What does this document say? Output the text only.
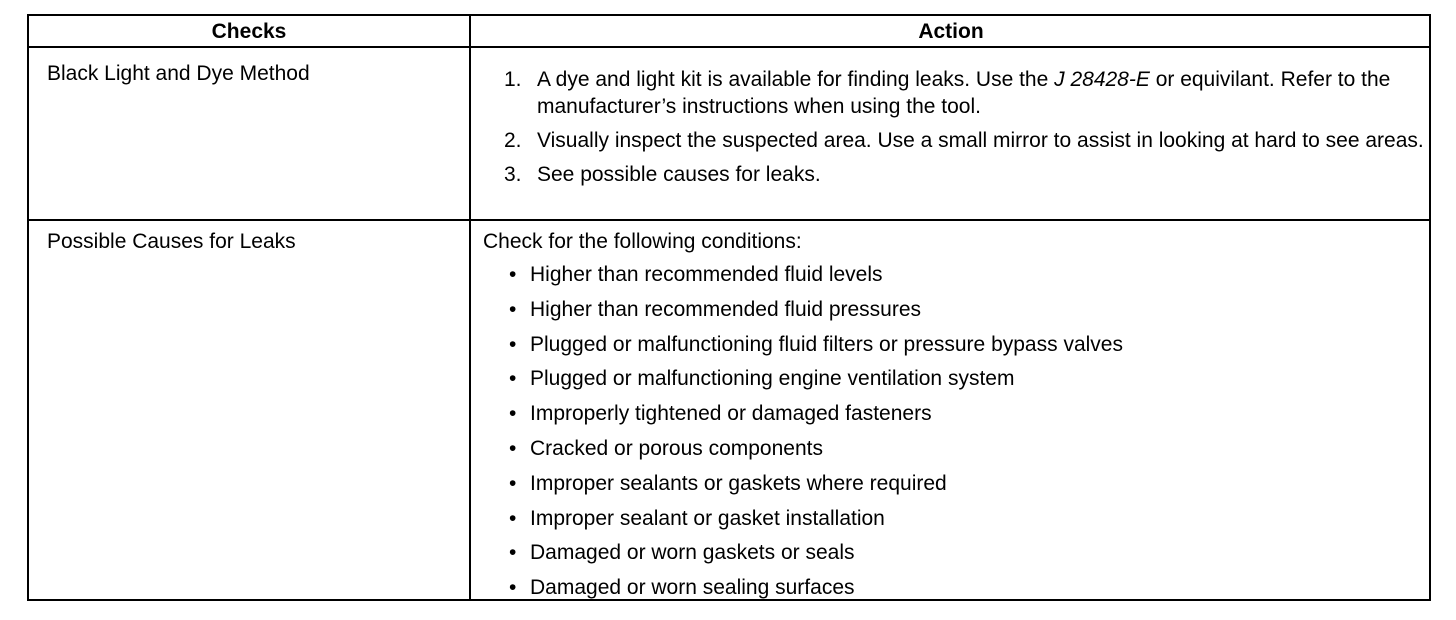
Checks	Action
Black Light and Dye Method	1. A dye and light kit is available for finding leaks. Use the J 28428-E or equivilant. Refer to the manufacturer’s instructions when using the tool.
2. Visually inspect the suspected area. Use a small mirror to assist in looking at hard to see areas.
3. See possible causes for leaks.
Possible Causes for Leaks	Check for the following conditions:
• Higher than recommended fluid levels
• Higher than recommended fluid pressures
• Plugged or malfunctioning fluid filters or pressure bypass valves
• Plugged or malfunctioning engine ventilation system
• Improperly tightened or damaged fasteners
• Cracked or porous components
• Improper sealants or gaskets where required
• Improper sealant or gasket installation
• Damaged or worn gaskets or seals
• Damaged or worn sealing surfaces
